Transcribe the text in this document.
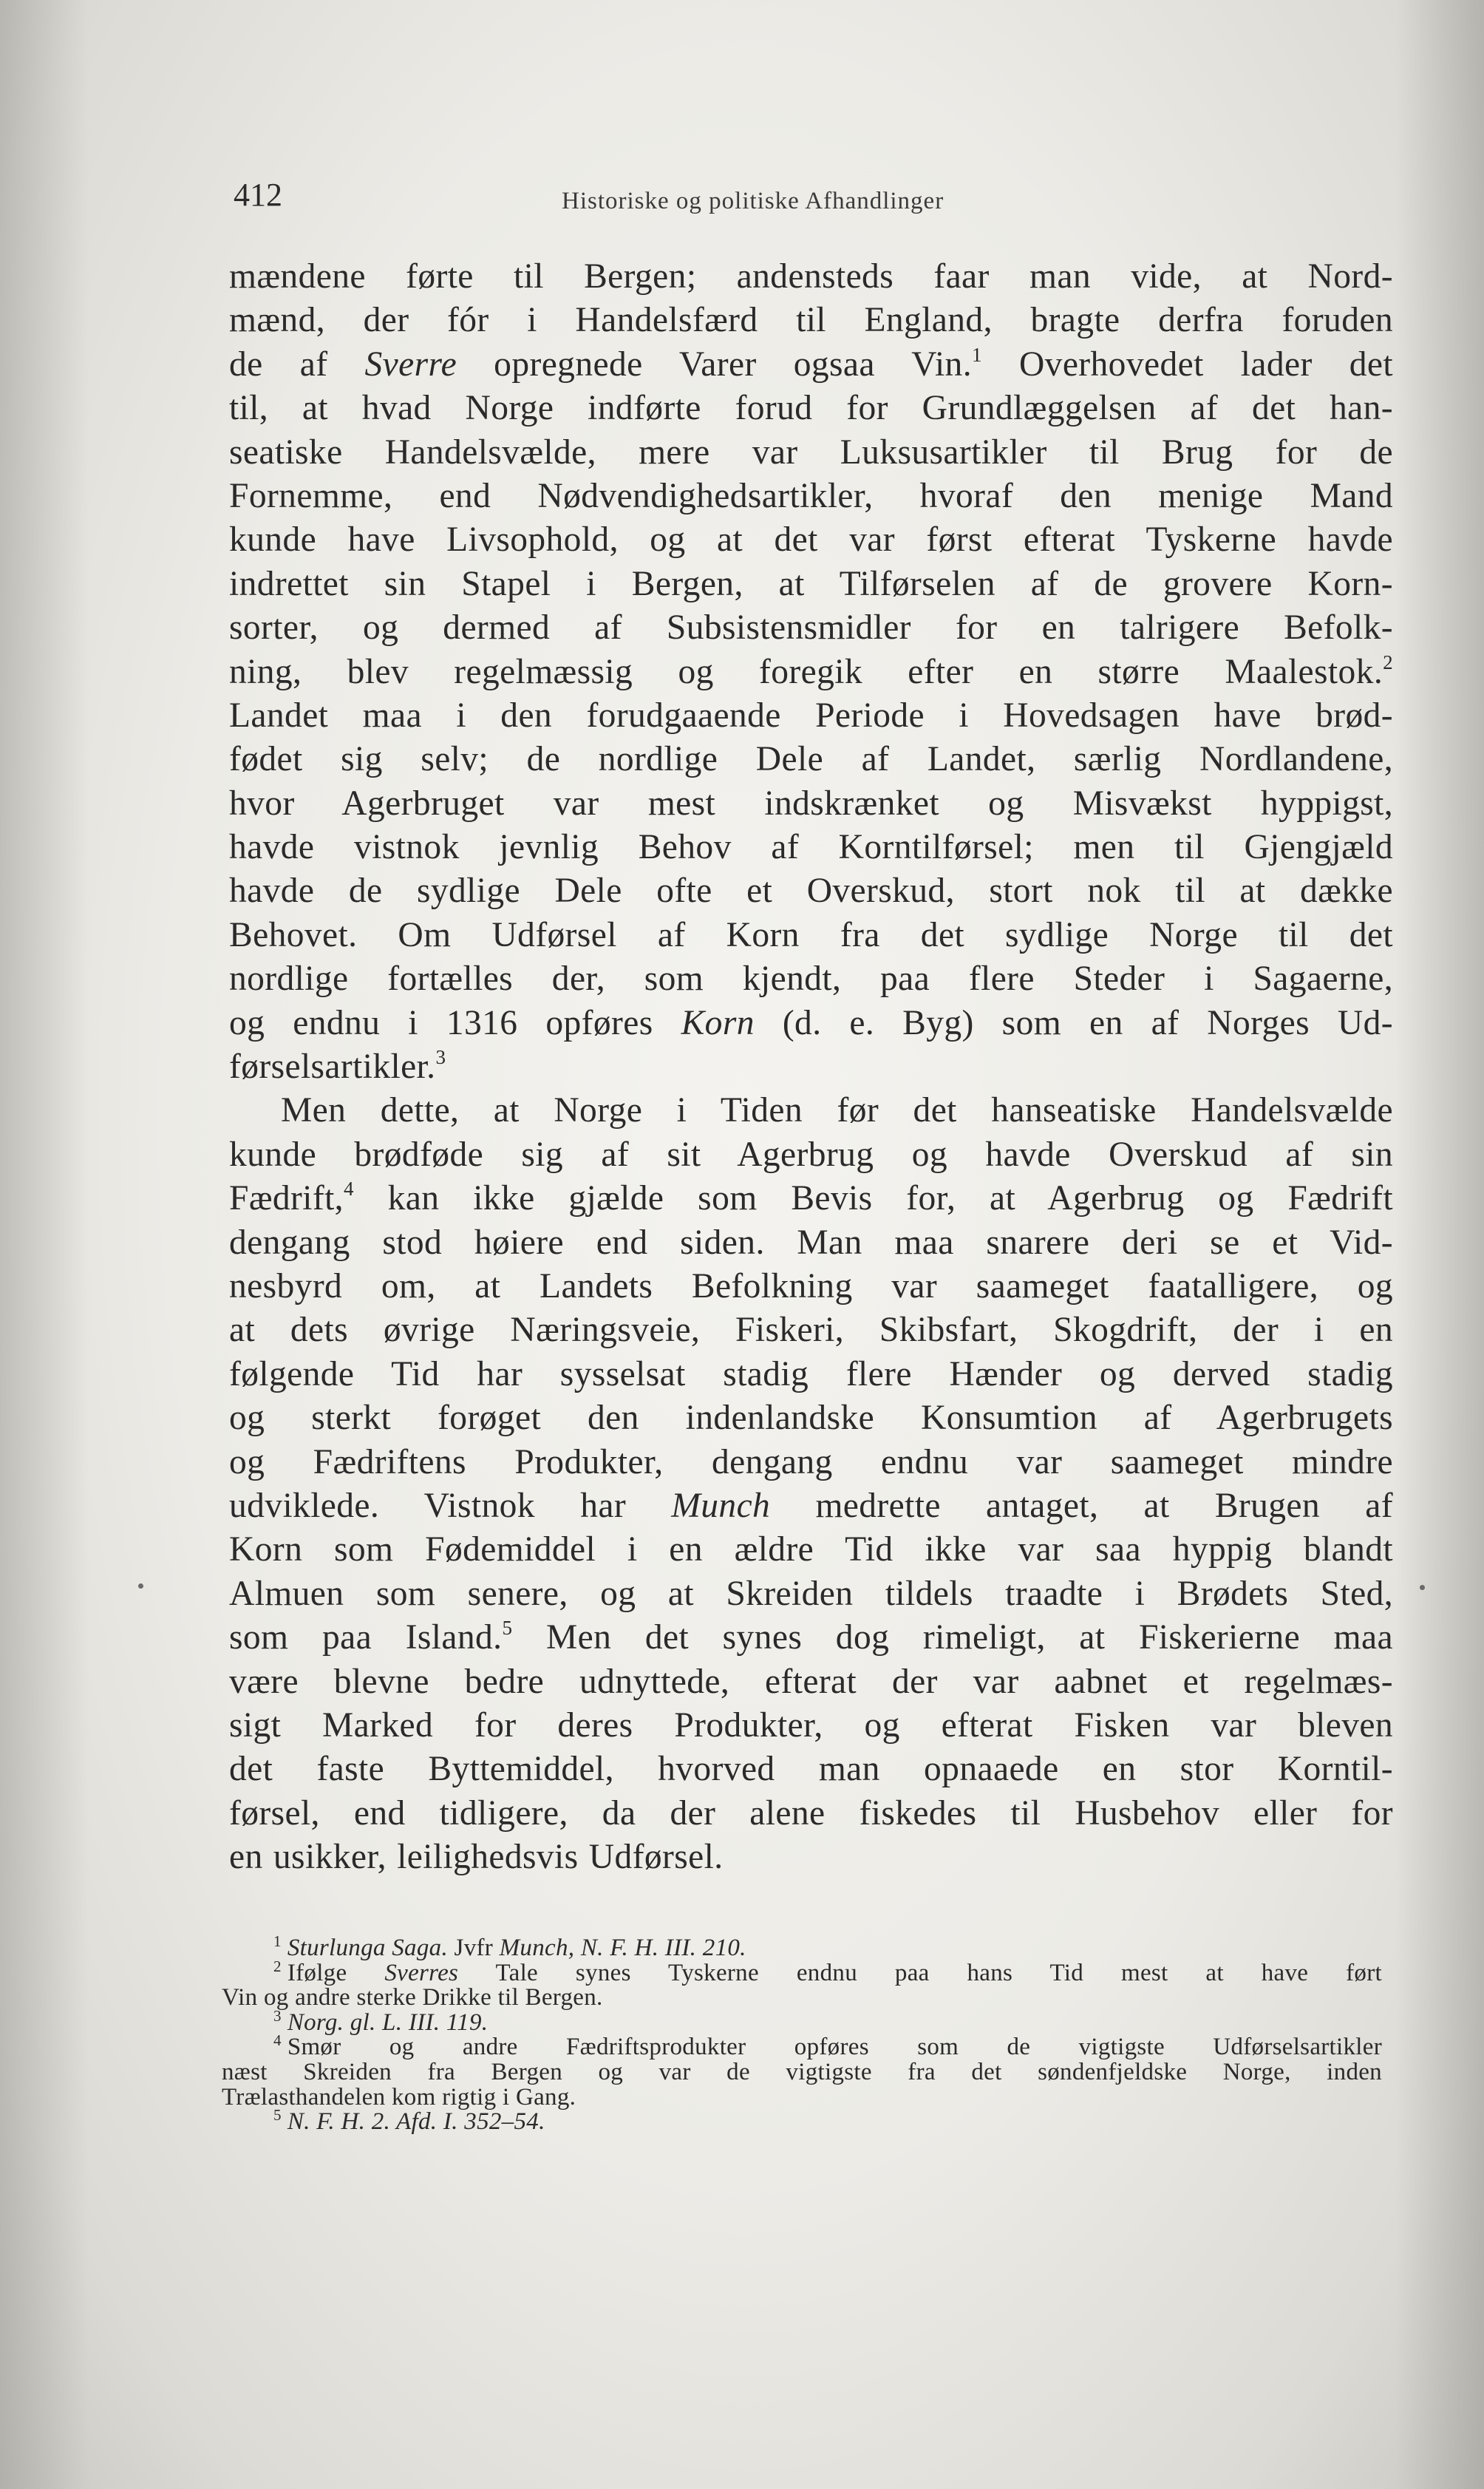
412	Historiske og politiske Afhandlinger
mændene førte til Bergen; andensteds faar man vide, at Nord-
mænd, der fór i Handelsfærd til England, bragte derfra foruden
de af Sverre opregnede Varer ogsaa Vin.$^1$ Overhovedet lader det
til, at hvad Norge indførte forud for Grundlæggelsen af det han-
seatiske Handelsvælde, mere var Luksusartikler til Brug for de
Fornemme, end Nødvendighedsartikler, hvoraf den menige Mand
kunde have Livsophold, og at det var først efterat Tyskerne havde
indrettet sin Stapel i Bergen, at Tilførselen af de grovere Korn-
sorter, og dermed af Subsistensmidler for en talrigere Befolk-
ning, blev regelmæssig og foregik efter en større Maalestok.$^2$
Landet maa i den forudgaaende Periode i Hovedsagen have brød-
fødet sig selv; de nordlige Dele af Landet, særlig Nordlandene,
hvor Agerbruget var mest indskrænket og Misvækst hyppigst,
havde vistnok jevnlig Behov af Korntilførsel; men til Gjengjæld
havde de sydlige Dele ofte et Overskud, stort nok til at dække
Behovet. Om Udførsel af Korn fra det sydlige Norge til det
nordlige fortælles der, som kjendt, paa flere Steder i Sagaerne,
og endnu i 1316 opføres Korn (d. e. Byg) som en af Norges Ud-
førselsartikler.$^3$
Men dette, at Norge i Tiden før det hanseatiske Handelsvælde
kunde brødføde sig af sit Agerbrug og havde Overskud af sin
Fædrift,$^4$ kan ikke gjælde som Bevis for, at Agerbrug og Fædrift
dengang stod høiere end siden. Man maa snarere deri se et Vid-
nesbyrd om, at Landets Befolkning var saameget faatalligere, og
at dets øvrige Næringsveie, Fiskeri, Skibsfart, Skogdrift, der i en
følgende Tid har sysselsat stadig flere Hænder og derved stadig
og sterkt forøget den indenlandske Konsumtion af Agerbrugets
og Fædriftens Produkter, dengang endnu var saameget mindre
udviklede. Vistnok har Munch medrette antaget, at Brugen af
Korn som Fødemiddel i en ældre Tid ikke var saa hyppig blandt
Almuen som senere, og at Skreiden tildels traadte i Brødets Sted,
som paa Island.$^5$ Men det synes dog rimeligt, at Fiskerierne maa
være blevne bedre udnyttede, efterat der var aabnet et regelmæs-
sigt Marked for deres Produkter, og efterat Fisken var bleven
det faste Byttemiddel, hvorved man opnaaede en stor Korntil-
førsel, end tidligere, da der alene fiskedes til Husbehov eller for
en usikker, leilighedsvis Udførsel.
$^1$ Sturlunga Saga. Jvfr Munch, N. F. H. III. 210.
$^2$ Ifølge Sverres Tale synes Tyskerne endnu paa hans Tid mest at have ført
Vin og andre sterke Drikke til Bergen.
$^3$ Norg. gl. L. III. 119.
$^4$ Smør og andre Fædriftsprodukter opføres som de vigtigste Udførselsartikler
næst Skreiden fra Bergen og var de vigtigste fra det søndenfjeldske Norge, inden
Trælasthandelen kom rigtig i Gang.
$^5$ N. F. H. 2. Afd. I. 352–54.
